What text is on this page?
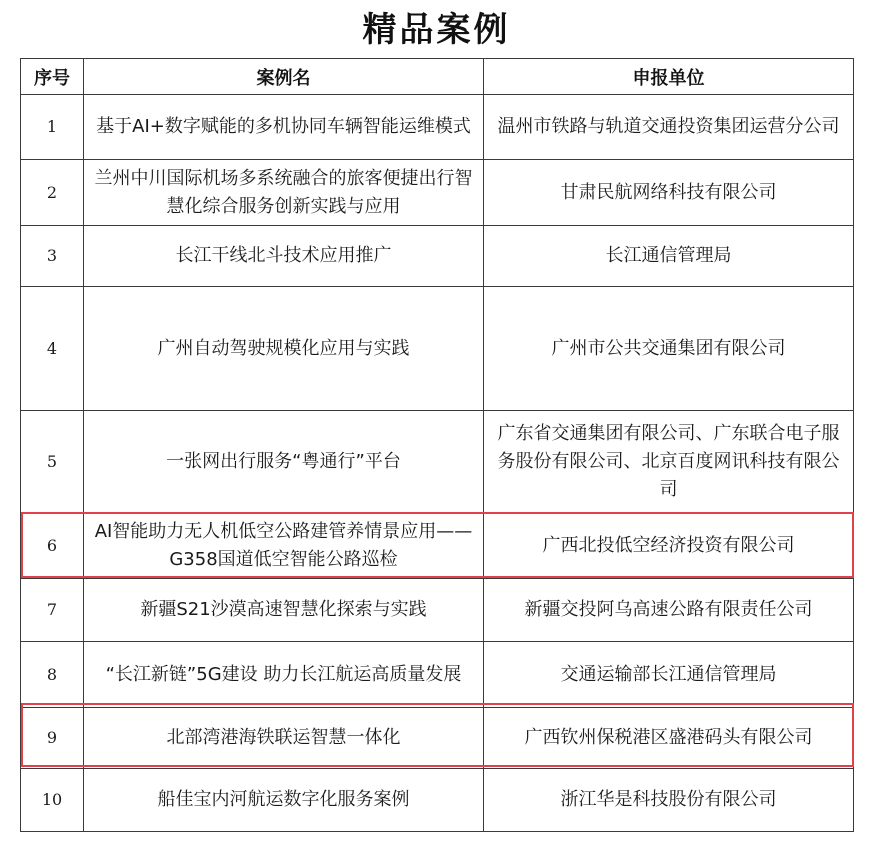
精品案例
序号	案例名	申报单位
1	基于AI+数字赋能的多机协同车辆智能运维模式	温州市铁路与轨道交通投资集团运营分公司
2	兰州中川国际机场多系统融合的旅客便捷出行智慧化综合服务创新实践与应用	甘肃民航网络科技有限公司
3	长江干线北斗技术应用推广	长江通信管理局
4	广州自动驾驶规模化应用与实践	广州市公共交通集团有限公司
5	一张网出行服务“粤通行”平台	广东省交通集团有限公司、广东联合电子服务股份有限公司、北京百度网讯科技有限公司
6	AI智能助力无人机低空公路建管养情景应用——G358国道低空智能公路巡检	广西北投低空经济投资有限公司
7	新疆S21沙漠高速智慧化探索与实践	新疆交投阿乌高速公路有限责任公司
8	“长江新链”5G建设 助力长江航运高质量发展	交通运输部长江通信管理局
9	北部湾港海铁联运智慧一体化	广西钦州保税港区盛港码头有限公司
10	船佳宝内河航运数字化服务案例	浙江华是科技股份有限公司
